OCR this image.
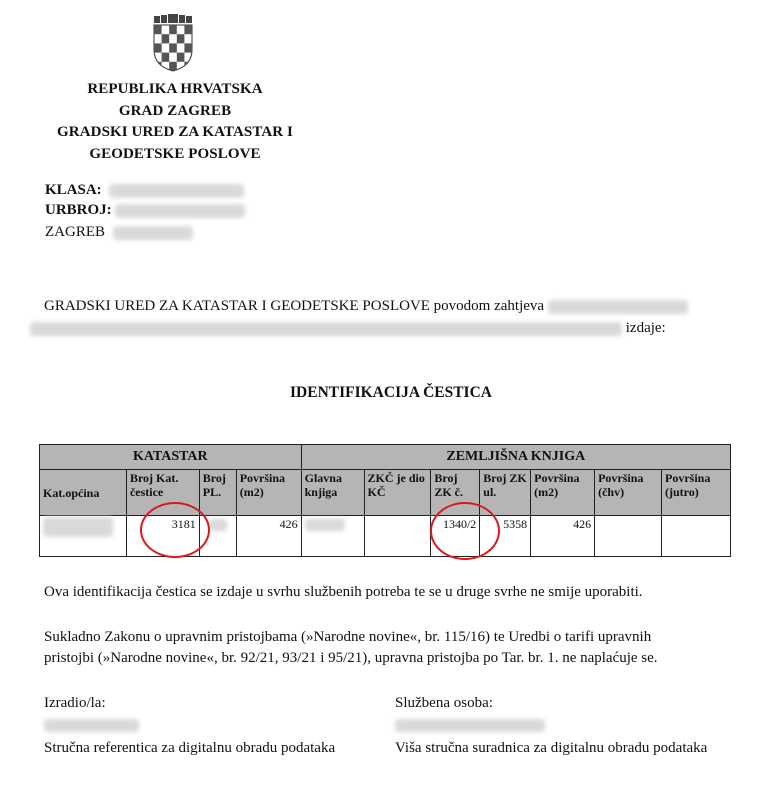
REPUBLIKA HRVATSKA
GRAD ZAGREB
GRADSKI URED ZA KATASTAR I
GEODETSKE POSLOVE
KLASA:
URBROJ:
ZAGREB
GRADSKI URED ZA KATASTAR I GEODETSKE POSLOVE povodom zahtjeva
izdaje:
IDENTIFIKACIJA ČESTICA
KATASTAR				ZEMLJIŠNA KNJIGA						
Kat.općina	Broj Kat. čestice	Broj PL.	Površina (m2)	Glavna knjiga	ZKČ je dio KČ	Broj ZK č.	Broj ZK ul.	Površina (m2)	Površina (čhv)	Površina (jutro)
	3181		426			1340/2	5358	426		
Ova identifikacija čestica se izdaje u svrhu službenih potreba te se u druge svrhe ne smije uporabiti.
Sukladno Zakonu o upravnim pristojbama (»Narodne novine«, br. 115/16) te Uredbi o tarifi upravnih
pristojbi (»Narodne novine«, br. 92/21, 93/21 i 95/21), upravna pristojba po Tar. br. 1. ne naplaćuje se.
Izradio/la:
Stručna referentica za digitalnu obradu podataka
Službena osoba:
Viša stručna suradnica za digitalnu obradu podataka
